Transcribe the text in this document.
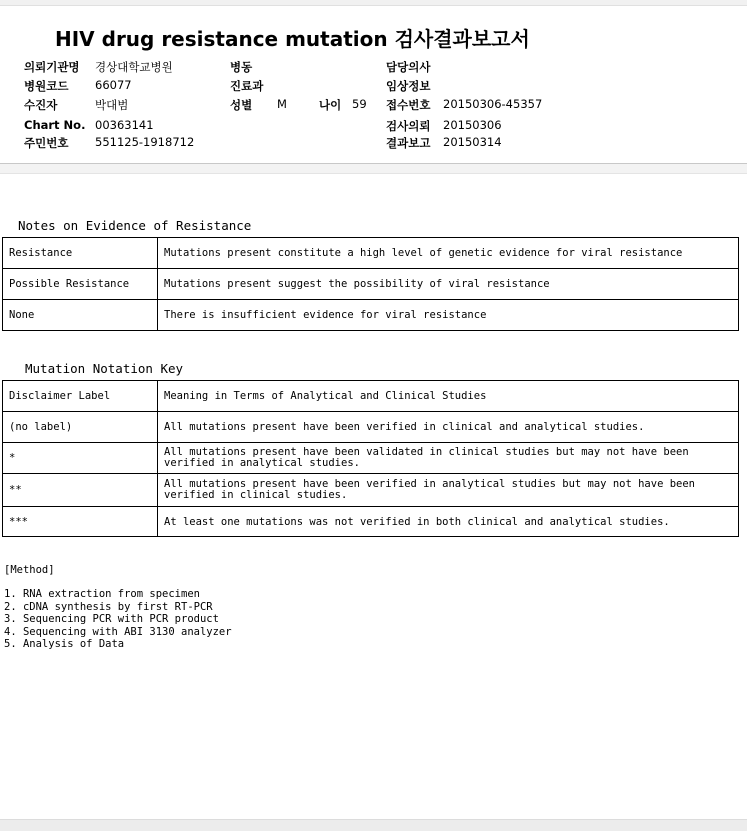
HIV drug resistance mutation 검사결과보고서
의뢰기관명 경상대학교병원
병원코드 66077
수진자	박대범
Chart No. 00363141
주민번호 551125-1918712
병동
진료과
성별 M	나이 59
담당의사
임상정보
접수번호 20150306-45357
검사의뢰 20150306
결과보고 20150314
Notes on Evidence of Resistance
Resistance	Mutations present constitute a high level of genetic evidence for viral resistance
Possible Resistance	Mutations present suggest the possibility of viral resistance
None	There is insufficient evidence for viral resistance
Mutation Notation Key
Disclaimer Label	Meaning in Terms of Analytical and Clinical Studies
(no label)	All mutations present have been verified in clinical and analytical studies.
*	All mutations present have been validated in clinical studies but may not have been verified in analytical studies.
**	All mutations present have been verified in analytical studies but may not have been verified in clinical studies.
***	At least one mutations was not verified in both clinical and analytical studies.
[Method]
1. RNA extraction from specimen
2. cDNA synthesis by first RT-PCR
3. Sequencing PCR with PCR product
4. Sequencing with ABI 3130 analyzer
5. Analysis of Data
